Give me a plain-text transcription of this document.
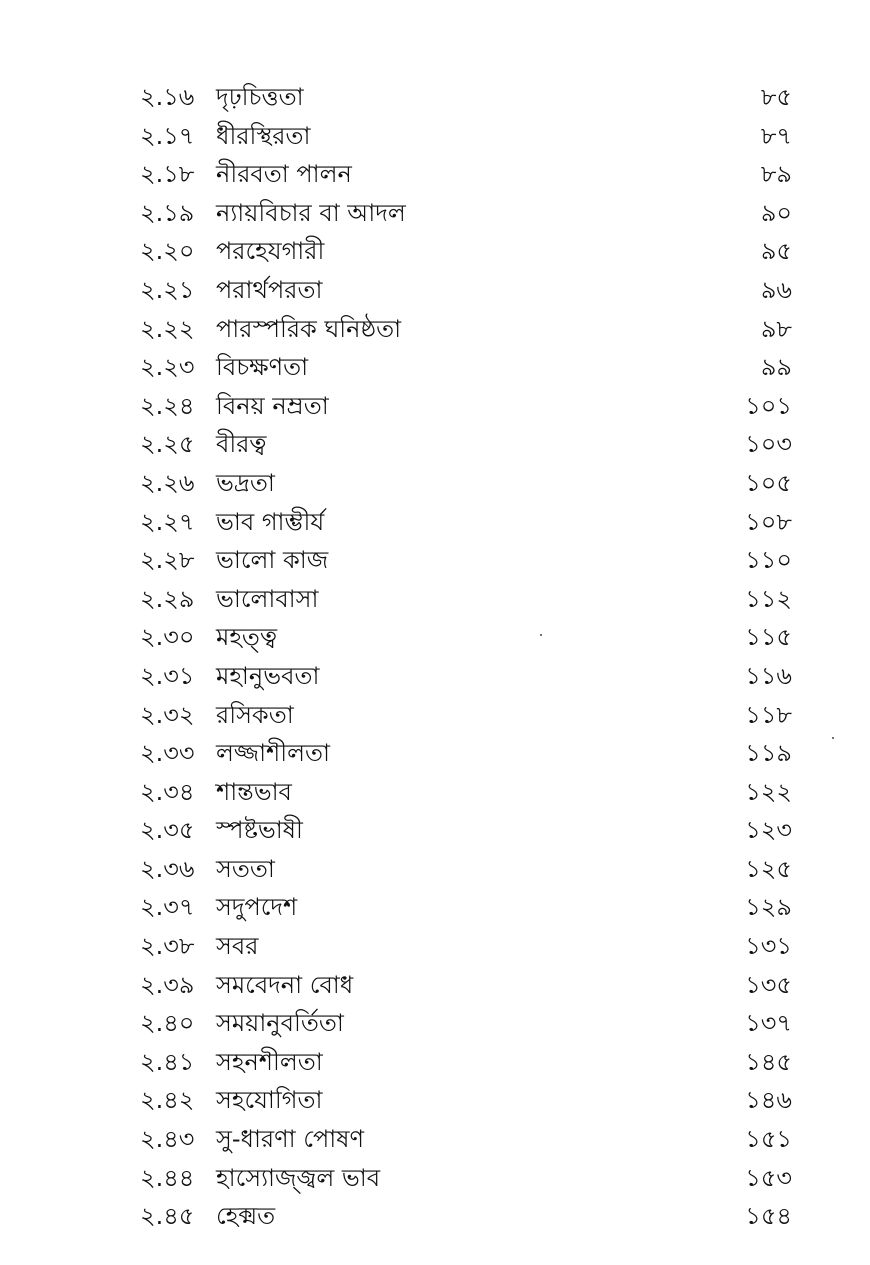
২.১৬ দৃঢ়চিত্ততা	৮৫
২.১৭ ধীরস্থিরতা	৮৭
২.১৮ নীরবতা পালন	৮৯
২.১৯ ন্যায়বিচার বা আদল	৯০
২.২০ পরহেযগারী	৯৫
২.২১ পরার্থপরতা	৯৬
২.২২ পারস্পরিক ঘনিষ্ঠতা	৯৮
২.২৩ বিচক্ষণতা	৯৯
২.২৪ বিনয় নম্রতা	১০১
২.২৫ বীরত্ব	১০৩
২.২৬ ভদ্রতা	১০৫
২.২৭ ভাব গাম্ভীর্য	১০৮
২.২৮ ভালো কাজ	১১০
২.২৯ ভালোবাসা	১১২
২.৩০ মহত্ত্ব	১১৫
২.৩১ মহানুভবতা	১১৬
২.৩২ রসিকতা	১১৮
২.৩৩ লজ্জাশীলতা	১১৯
২.৩৪ শান্তভাব	১২২
২.৩৫ স্পষ্টভাষী	১২৩
২.৩৬ সততা	১২৫
২.৩৭ সদুপদেশ	১২৯
২.৩৮ সবর	১৩১
২.৩৯ সমবেদনা বোধ	১৩৫
২.৪০ সময়ানুবর্তিতা	১৩৭
২.৪১ সহনশীলতা	১৪৫
২.৪২ সহযোগিতা	১৪৬
২.৪৩ সু-ধারণা পোষণ	১৫১
২.৪৪ হাস্যোজ্জ্বল ভাব	১৫৩
২.৪৫ হেক্মত	১৫৪
